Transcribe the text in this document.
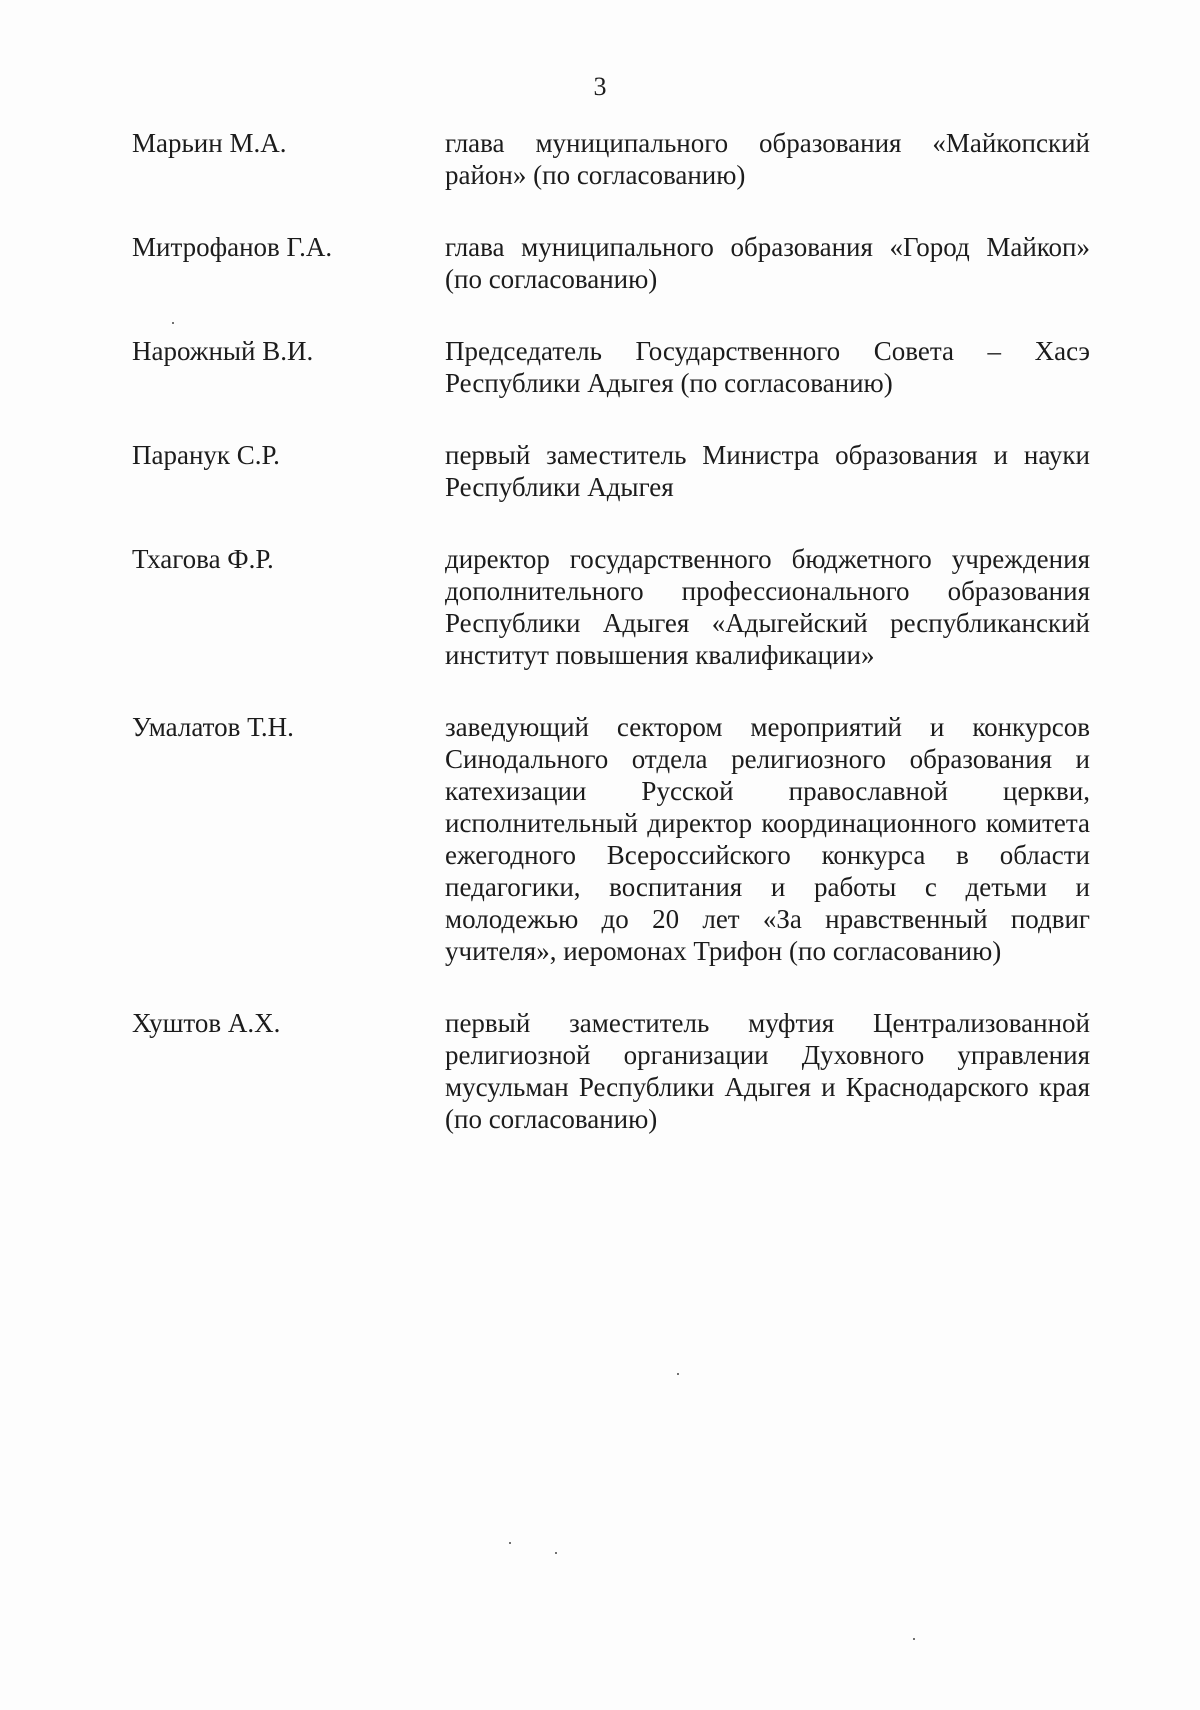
3
Марьин М.А.	глава муниципального образования «Майкопский район» (по согласованию)
Митрофанов Г.А.	глава муниципального образования «Город Майкоп» (по согласованию)
Нарожный В.И.	Председатель Государственного Совета – Хасэ Республики Адыгея (по согласованию)
Паранук С.Р.	первый заместитель Министра образования и науки Республики Адыгея
Тхагова Ф.Р.	директор государственного бюджетного учреждения дополнительного профессионального образования Республики Адыгея «Адыгейский республиканский институт повышения квалификации»
Умалатов Т.Н.	заведующий сектором мероприятий и конкурсов Синодального отдела религиозного образования и катехизации Русской православной церкви, исполнительный директор координационного комитета ежегодного Всероссийского конкурса в области педагогики, воспитания и работы с детьми и молодежью до 20 лет «За нравственный подвиг учителя», иеромонах Трифон (по согласованию)
Хуштов А.Х.	первый заместитель муфтия Централизованной религиозной организации Духовного управления мусульман Республики Адыгея и Краснодарского края (по согласованию)
